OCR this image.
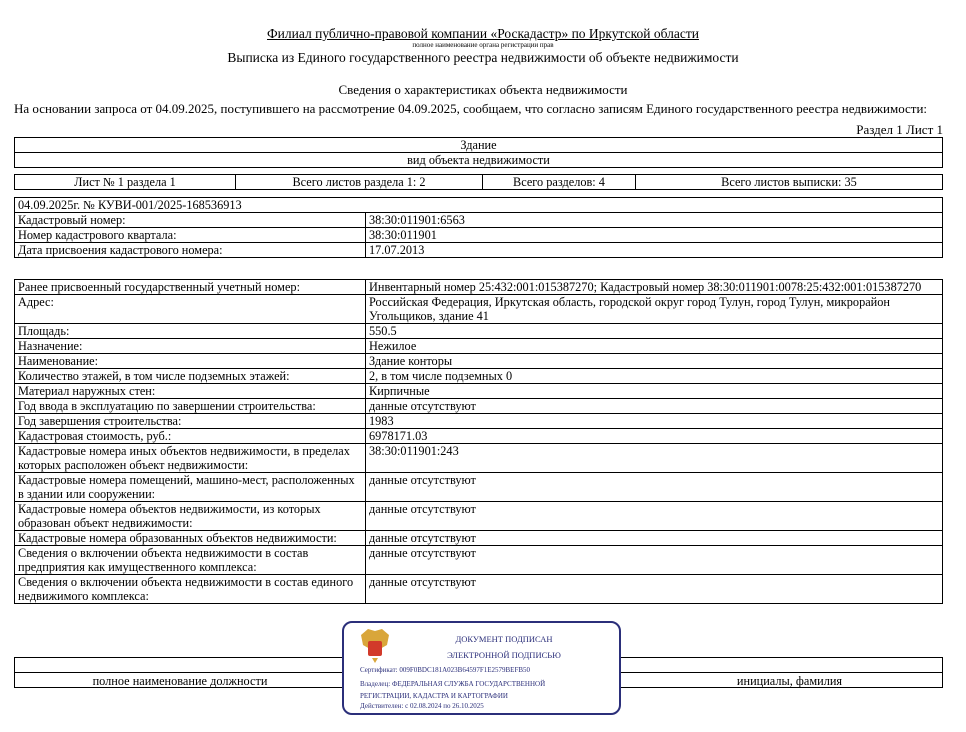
Филиал публично-правовой компании «Роскадастр» по Иркутской области
полное наименование органа регистрации прав
Выписка из Единого государственного реестра недвижимости об объекте недвижимости
Сведения о характеристиках объекта недвижимости
На основании запроса от 04.09.2025, поступившего на рассмотрение 04.09.2025, сообщаем, что согласно записям Единого государственного реестра недвижимости:
Раздел 1 Лист 1
Здание
вид объекта недвижимости
Лист № 1 раздела 1	Всего листов раздела 1: 2	Всего разделов: 4	Всего листов выписки: 35
04.09.2025г. № КУВИ-001/2025-168536913	
Кадастровый номер:	38:30:011901:6563
Номер кадастрового квартала:	38:30:011901
Дата присвоения кадастрового номера:	17.07.2013
Ранее присвоенный государственный учетный номер:	Инвентарный номер 25:432:001:015387270; Кадастровый номер 38:30:011901:0078:25:432:001:015387270
Адрес:	Российская Федерация, Иркутская область, городской округ город Тулун, город Тулун, микрорайон Угольщиков, здание 41
Площадь:	550.5
Назначение:	Нежилое
Наименование:	Здание конторы
Количество этажей, в том числе подземных этажей:	2, в том числе подземных 0
Материал наружных стен:	Кирпичные
Год ввода в эксплуатацию по завершении строительства:	данные отсутствуют
Год завершения строительства:	1983
Кадастровая стоимость, руб.:	6978171.03
Кадастровые номера иных объектов недвижимости, в пределах которых расположен объект недвижимости:	38:30:011901:243
Кадастровые номера помещений, машино-мест, расположенных в здании или сооружении:	данные отсутствуют
Кадастровые номера объектов недвижимости, из которых образован объект недвижимости:	данные отсутствуют
Кадастровые номера образованных объектов недвижимости:	данные отсутствуют
Сведения о включении объекта недвижимости в состав предприятия как имущественного комплекса:	данные отсутствуют
Сведения о включении объекта недвижимости в состав единого недвижимого комплекса:	данные отсутствуют
полное наименование должности	инициалы, фамилия
ДОКУМЕНТ ПОДПИСАН
ЭЛЕКТРОННОЙ ПОДПИСЬЮ
Сертификат: 009F0BDC181A023B64597F1E2579BEFB50
Владелец: ФЕДЕРАЛЬНАЯ СЛУЖБА ГОСУДАРСТВЕННОЙ
РЕГИСТРАЦИИ, КАДАСТРА И КАРТОГРАФИИ
Действителен: с 02.08.2024 по 26.10.2025
